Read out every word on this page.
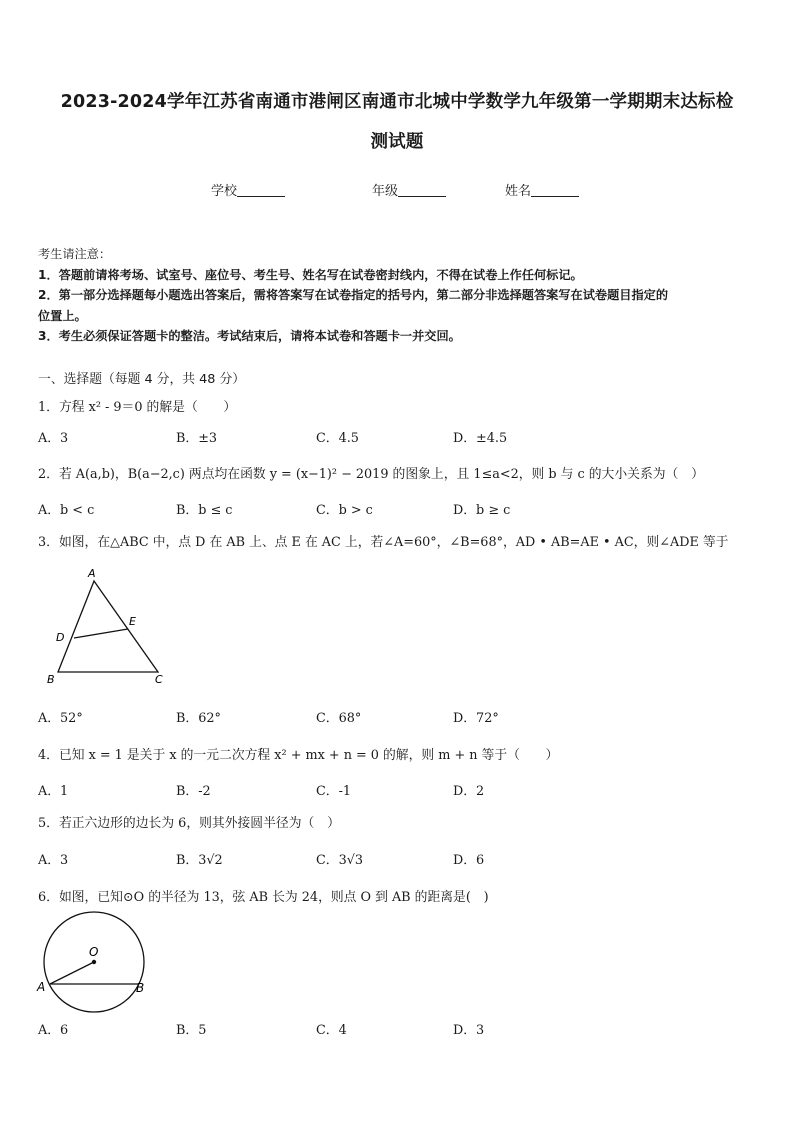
2023-2024学年江苏省南通市港闸区南通市北城中学数学九年级第一学期期末达标检
测试题
学校	年级	姓名
考生请注意：
1．答题前请将考场、试室号、座位号、考生号、姓名写在试卷密封线内，不得在试卷上作任何标记。
2．第一部分选择题每小题选出答案后，需将答案写在试卷指定的括号内，第二部分非选择题答案写在试卷题目指定的
位置上。
3．考生必须保证答题卡的整洁。考试结束后，请将本试卷和答题卡一并交回。
一、选择题（每题 4 分，共 48 分）
1．方程 x² - 9＝0 的解是（　　）
A．3	B．±3	C．4.5	D．±4.5
2．若 A(a,b)，B(a−2,c) 两点均在函数 y = (x−1)² − 2019 的图象上，且 1≤a<2，则 b 与 c 的大小关系为（　）
A．b < c	B．b ≤ c	C．b > c	D．b ≥ c
3．如图，在△ABC 中，点 D 在 AB 上、点 E 在 AC 上，若∠A=60°，∠B=68°，AD • AB=AE • AC，则∠ADE 等于
A
D
E
B	C
A．52°	B．62°	C．68°	D．72°
4．已知 x = 1 是关于 x 的一元二次方程 x² + mx + n = 0 的解，则 m + n 等于（　　）
A．1	B．-2	C．-1	D．2
5．若正六边形的边长为 6，则其外接圆半径为（　）
A．3	B．3√2	C．3√3	D．6
6．如图，已知⊙O 的半径为 13，弦 AB 长为 24，则点 O 到 AB 的距离是(　)
O
A	B
A．6	B．5	C．4	D．3
